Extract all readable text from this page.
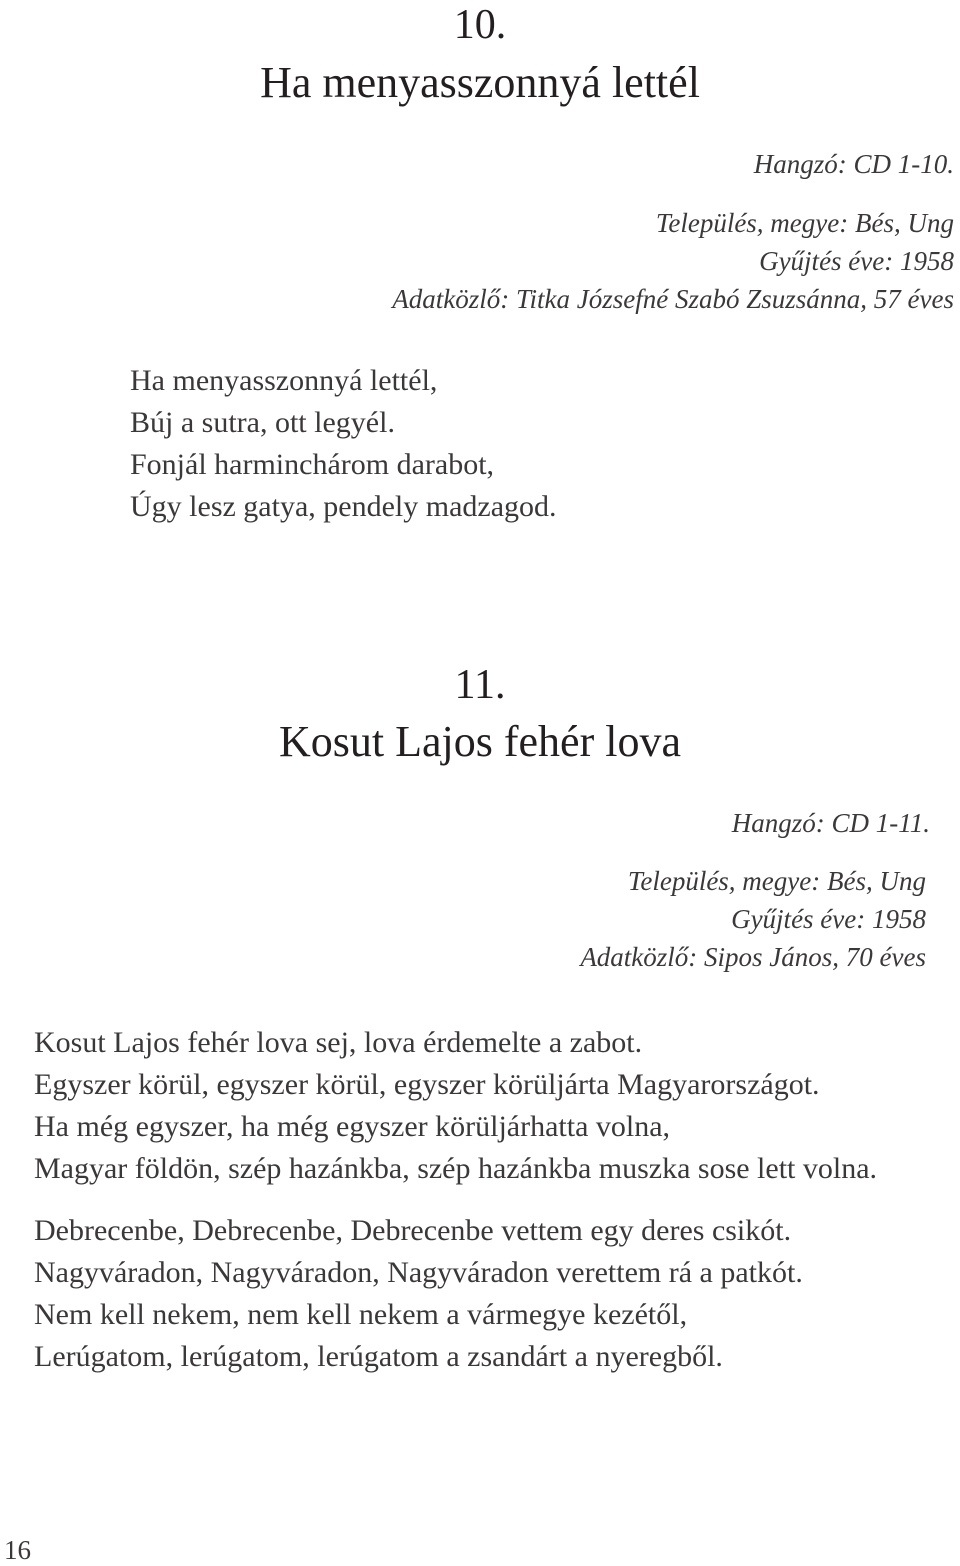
10.
Ha menyasszonnyá lettél
Hangzó: CD 1-10.
Település, megye: Bés, Ung
Gyűjtés éve: 1958
Adatközlő: Titka Józsefné Szabó Zsuzsánna, 57 éves
Ha menyasszonnyá lettél,
Búj a sutra, ott legyél.
Fonjál harminchárom darabot,
Úgy lesz gatya, pendely madzagod.
11.
Kosut Lajos fehér lova
Hangzó: CD 1-11.
Település, megye: Bés, Ung
Gyűjtés éve: 1958
Adatközlő: Sipos János, 70 éves
Kosut Lajos fehér lova sej, lova érdemelte a zabot.
Egyszer körül, egyszer körül, egyszer körüljárta Magyarországot.
Ha még egyszer, ha még egyszer körüljárhatta volna,
Magyar földön, szép hazánkba, szép hazánkba muszka sose lett volna.
Debrecenbe, Debrecenbe, Debrecenbe vettem egy deres csikót.
Nagyváradon, Nagyváradon, Nagyváradon verettem rá a patkót.
Nem kell nekem, nem kell nekem a vármegye kezétől,
Lerúgatom, lerúgatom, lerúgatom a zsandárt a nyeregből.
16
